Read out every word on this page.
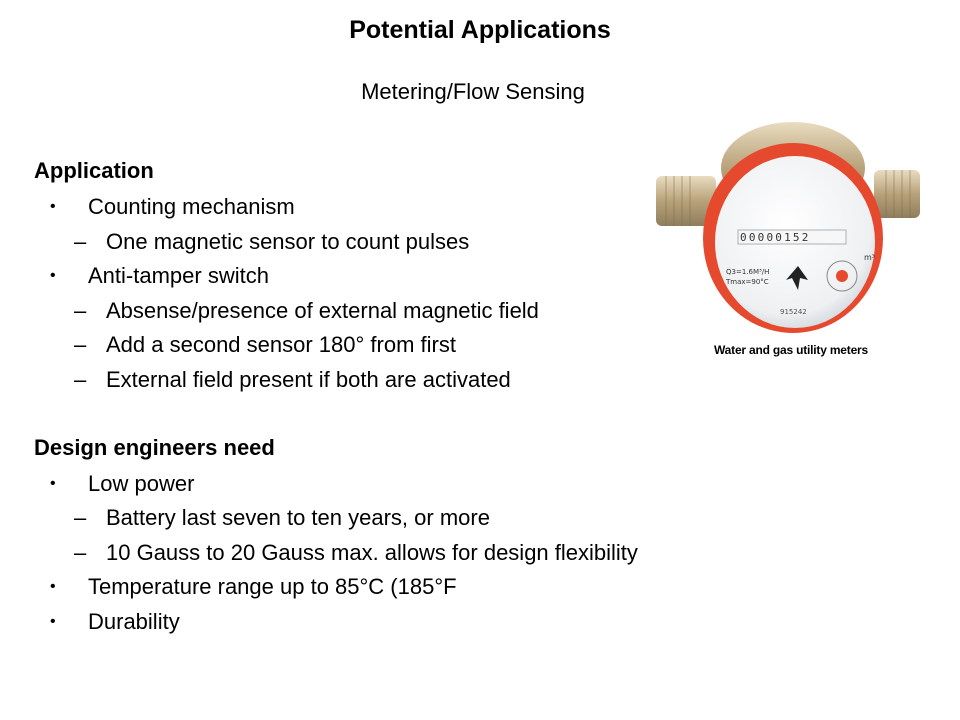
Potential Applications
Metering/Flow Sensing
Application
• Counting mechanism
– One magnetic sensor to count pulses
• Anti-tamper switch
– Absense/presence of external magnetic field
– Add a second sensor 180° from first
– External field present if both are activated
Design engineers need
• Low power
– Battery last seven to ten years, or more
– 10 Gauss to 20 Gauss max. allows for design flexibility
• Temperature range up to 85°C (185°F
• Durability
00000152
Q3=1.6M³/H
Tmax=90°C
m³
915242
Water and gas utility meters
